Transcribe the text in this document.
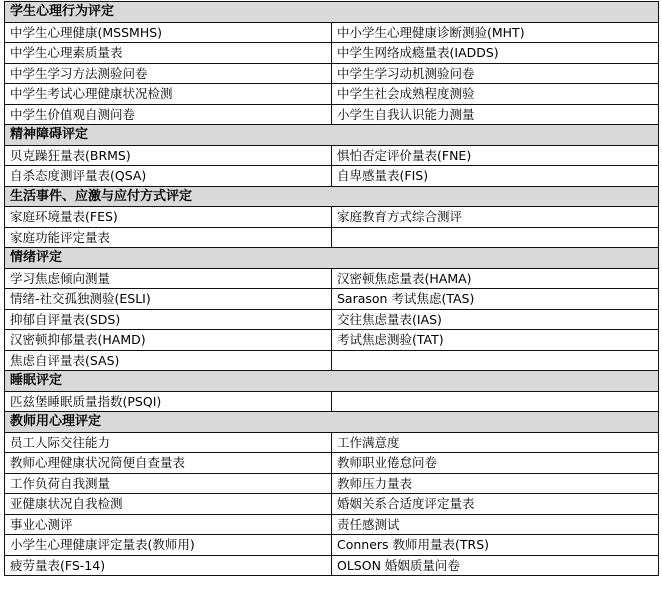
学生心理行为评定	
中学生心理健康(MSSMHS)	中小学生心理健康诊断测验(MHT)
中学生心理素质量表	中学生网络成瘾量表(IADDS)
中学生学习方法测验问卷	中学生学习动机测验问卷
中学生考试心理健康状况检测	中学生社会成熟程度测验
中学生价值观自测问卷	小学生自我认识能力测量
精神障碍评定	
贝克躁狂量表(BRMS)	惧怕否定评价量表(FNE)
自杀态度测评量表(QSA)	自卑感量表(FIS)
生活事件、应激与应付方式评定	
家庭环境量表(FES)	家庭教育方式综合测评
家庭功能评定量表	
情绪评定	
学习焦虑倾向测量	汉密顿焦虑量表(HAMA)
情绪-社交孤独测验(ESLI)	Sarason 考试焦虑(TAS)
抑郁自评量表(SDS)	交往焦虑量表(IAS)
汉密顿抑郁量表(HAMD)	考试焦虑测验(TAT)
焦虑自评量表(SAS)	
睡眠评定	
匹兹堡睡眠质量指数(PSQI)	
教师用心理评定	
员工人际交往能力	工作满意度
教师心理健康状况简便自查量表	教师职业倦怠问卷
工作负荷自我测量	教师压力量表
亚健康状况自我检测	婚姻关系合适度评定量表
事业心测评	责任感测试
小学生心理健康评定量表(教师用)	Conners 教师用量表(TRS)
疲劳量表(FS-14)	OLSON 婚姻质量问卷
